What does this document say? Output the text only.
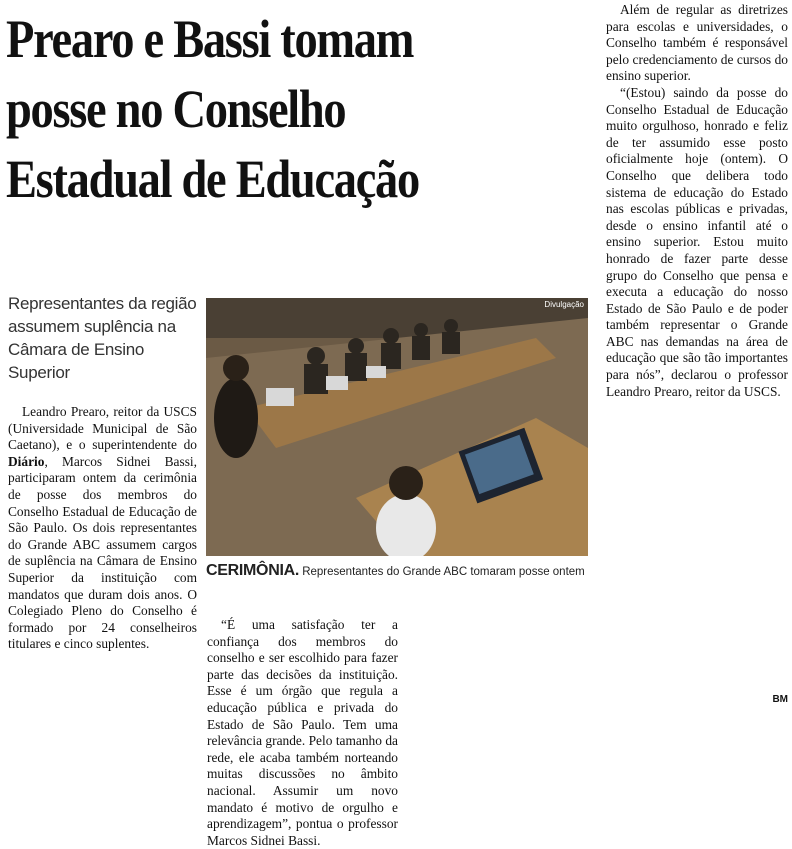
Prearo e Bassi tomam
posse no Conselho
Estadual de Educação
Representantes da região assumem suplência na Câmara de Ensino Superior

Leandro Prearo, reitor da USCS (Universidade Municipal de São Caetano), e o superintendente do Diário, Marcos Sidnei Bassi, participaram ontem da cerimônia de posse dos membros do Conselho Estadual de Educação de São Paulo. Os dois representantes do Grande ABC assumem cargos de suplência na Câmara de Ensino Superior da instituição com mandatos que duram dois anos. O Colegiado Pleno do Conselho é formado por 24 conselheiros titulares e cinco suplentes.

Divulgação
CERIMÔNIA. Representantes do Grande ABC tomaram posse ontem

“É uma satisfação ter a confiança dos membros do conselho e ser escolhido para fazer parte das decisões da instituição. Esse é um órgão que regula a educação pública e privada do Estado de São Paulo. Tem uma relevância grande. Pelo tamanho da rede, ele acaba também norteando muitas discussões no âmbito nacional. Assumir um novo mandato é motivo de orgulho e aprendizagem”, pontua o professor Marcos Sidnei Bassi.

Além de regular as diretrizes para escolas e universidades, o Conselho também é responsável pelo credenciamento de cursos do ensino superior.

“(Estou) saindo da posse do Conselho Estadual de Educação muito orgulhoso, honrado e feliz de ter assumido esse posto oficialmente hoje (ontem). O Conselho que delibera todo sistema de educação do Estado nas escolas públicas e privadas, desde o ensino infantil até o ensino superior. Estou muito honrado de fazer parte desse grupo do Conselho que pensa e executa a educação do nosso Estado de São Paulo e de poder também representar o Grande ABC nas demandas na área de educação que são tão importantes para nós”, declarou o professor Leandro Prearo, reitor da USCS.

BM
